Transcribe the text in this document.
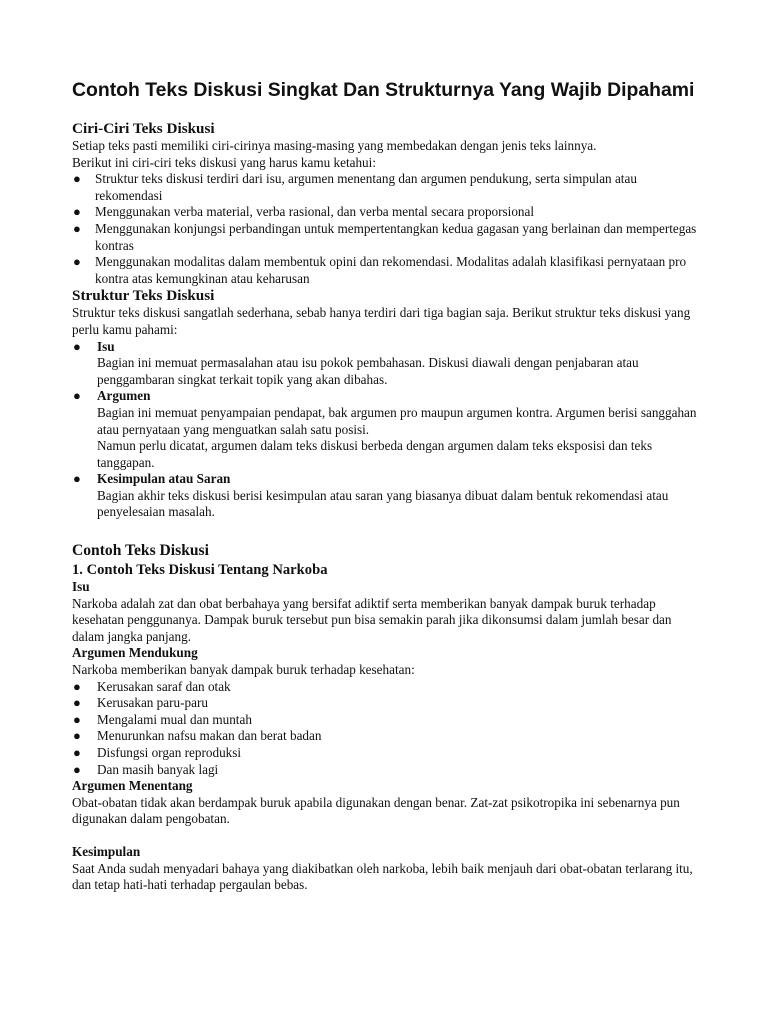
Contoh Teks Diskusi Singkat Dan Strukturnya Yang Wajib Dipahami
Ciri-Ciri Teks Diskusi

Setiap teks pasti memiliki ciri-cirinya masing-masing yang membedakan dengan jenis teks lainnya.

Berikut ini ciri-ciri teks diskusi yang harus kamu ketahui:

● Struktur teks diskusi terdiri dari isu, argumen menentang dan argumen pendukung, serta simpulan atau rekomendasi
● Menggunakan verba material, verba rasional, dan verba mental secara proporsional
● Menggunakan konjungsi perbandingan untuk mempertentangkan kedua gagasan yang berlainan dan mempertegas kontras
● Menggunakan modalitas dalam membentuk opini dan rekomendasi. Modalitas adalah klasifikasi pernyataan pro kontra atas kemungkinan atau keharusan
Struktur Teks Diskusi

Struktur teks diskusi sangatlah sederhana, sebab hanya terdiri dari tiga bagian saja. Berikut struktur teks diskusi yang perlu kamu pahami:

● Isu
Bagian ini memuat permasalahan atau isu pokok pembahasan. Diskusi diawali dengan penjabaran atau penggambaran singkat terkait topik yang akan dibahas.
● Argumen
Bagian ini memuat penyampaian pendapat, bak argumen pro maupun argumen kontra. Argumen berisi sanggahan atau pernyataan yang menguatkan salah satu posisi.
Namun perlu dicatat, argumen dalam teks diskusi berbeda dengan argumen dalam teks eksposisi dan teks tanggapan.
● Kesimpulan atau Saran
Bagian akhir teks diskusi berisi kesimpulan atau saran yang biasanya dibuat dalam bentuk rekomendasi atau penyelesaian masalah.
Contoh Teks Diskusi
1. Contoh Teks Diskusi Tentang Narkoba
Isu

Narkoba adalah zat dan obat berbahaya yang bersifat adiktif serta memberikan banyak dampak buruk terhadap kesehatan penggunanya. Dampak buruk tersebut pun bisa semakin parah jika dikonsumsi dalam jumlah besar dan dalam jangka panjang.

Argumen Mendukung

Narkoba memberikan banyak dampak buruk terhadap kesehatan:

● Kerusakan saraf dan otak
● Kerusakan paru-paru
● Mengalami mual dan muntah
● Menurunkan nafsu makan dan berat badan
● Disfungsi organ reproduksi
● Dan masih banyak lagi
Argumen Menentang

Obat-obatan tidak akan berdampak buruk apabila digunakan dengan benar. Zat-zat psikotropika ini sebenarnya pun digunakan dalam pengobatan.

Kesimpulan

Saat Anda sudah menyadari bahaya yang diakibatkan oleh narkoba, lebih baik menjauh dari obat-obatan terlarang itu, dan tetap hati-hati terhadap pergaulan bebas.
